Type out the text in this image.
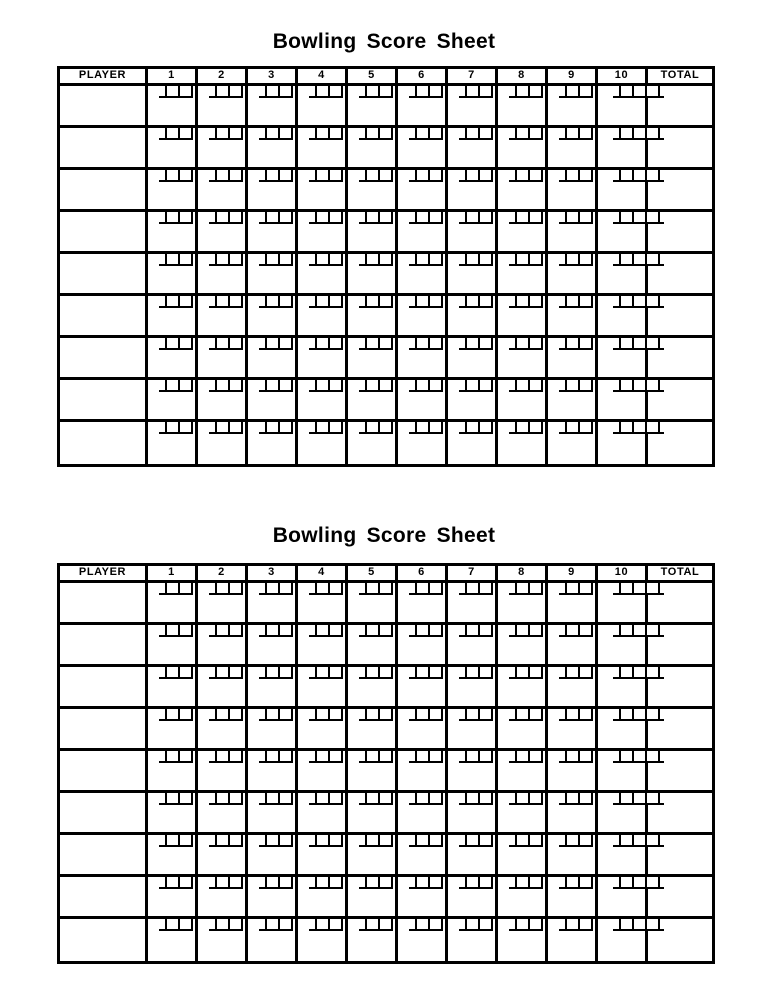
Bowling Score Sheet
PLAYER	1	2	3	4	5	6	7	8	9	10	TOTAL
Bowling Score Sheet
PLAYER	1	2	3	4	5	6	7	8	9	10	TOTAL
